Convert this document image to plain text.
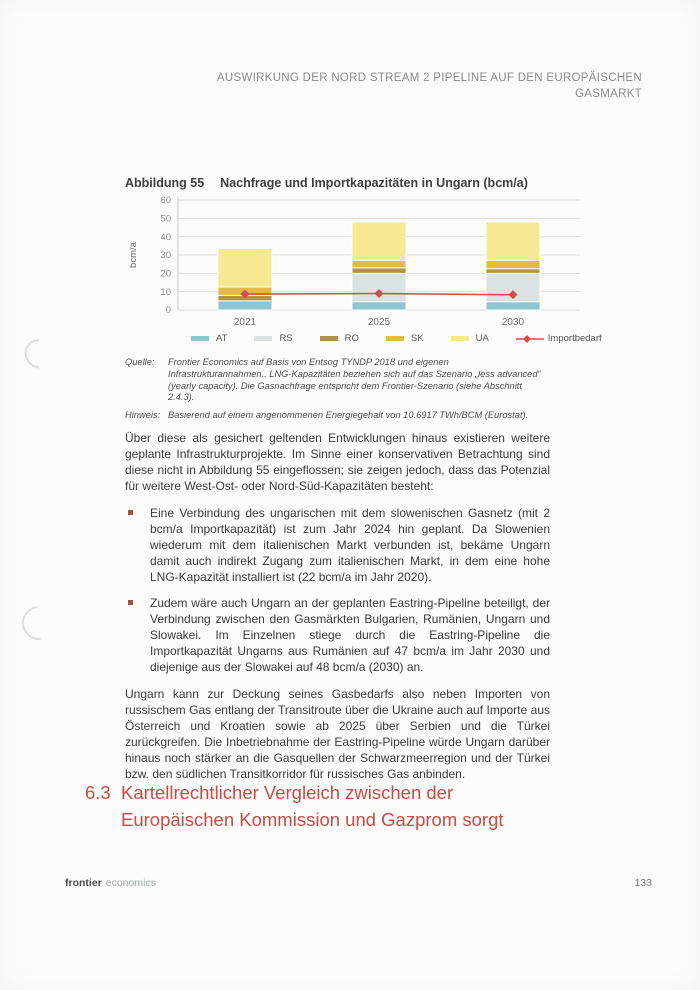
AUSWIRKUNG DER NORD STREAM 2 PIPELINE AUF DEN EUROPÄISCHEN
GASMARKT
Abbildung 55 Nachfrage und Importkapazitäten in Ungarn (bcm/a)
0
10
20
30
40
50
60
bcm/a
2021	2025	2030
AT	RS	RO	SK	UA	Importbedarf
Quelle:	Frontier Economics auf Basis von Entsog TYNDP 2018 und eigenen Infrastrukturannahmen.. LNG-Kapazitäten beziehen sich auf das Szenario „less advanced“ (yearly capacity). Die Gasnachfrage entspricht dem Frontier-Szenario (siehe Abschnitt 2.4.3).
Hinweis: Basierend auf einem angenommenen Energiegehalt von 10.6917 TWh/BCM (Eurostat).

Über diese als gesichert geltenden Entwicklungen hinaus existieren weitere geplante Infrastrukturprojekte. Im Sinne einer konservativen Betrachtung sind diese nicht in Abbildung 55 eingeflossen; sie zeigen jedoch, dass das Potenzial für weitere West-Ost- oder Nord-Süd-Kapazitäten besteht:

Eine Verbindung des ungarischen mit dem slowenischen Gasnetz (mit 2 bcm/a Importkapazität) ist zum Jahr 2024 hin geplant. Da Slowenien wiederum mit dem italienischen Markt verbunden ist, bekäme Ungarn damit auch indirekt Zugang zum italienischen Markt, in dem eine hohe LNG-Kapazität installiert ist (22 bcm/a im Jahr 2020).
Zudem wäre auch Ungarn an der geplanten Eastring-Pipeline beteiligt, der Verbindung zwischen den Gasmärkten Bulgarien, Rumänien, Ungarn und Slowakei. Im Einzelnen stiege durch die Eastring-Pipeline die Importkapazität Ungarns aus Rumänien auf 47 bcm/a im Jahr 2030 und diejenige aus der Slowakei auf 48 bcm/a (2030) an.

Ungarn kann zur Deckung seines Gasbedarfs also neben Importen von russischem Gas entlang der Transitroute über die Ukraine auch auf Importe aus Österreich und Kroatien sowie ab 2025 über Serbien und die Türkei zurückgreifen. Die Inbetriebnahme der Eastring-Pipeline würde Ungarn darüber hinaus noch stärker an die Gasquellen der Schwarzmeerregion und der Türkei bzw. den südlichen Transitkorridor für russisches Gas anbinden.

6.3 Kartellrechtlicher Vergleich zwischen der
Europäischen Kommission und Gazprom sorgt
frontier economics	133
